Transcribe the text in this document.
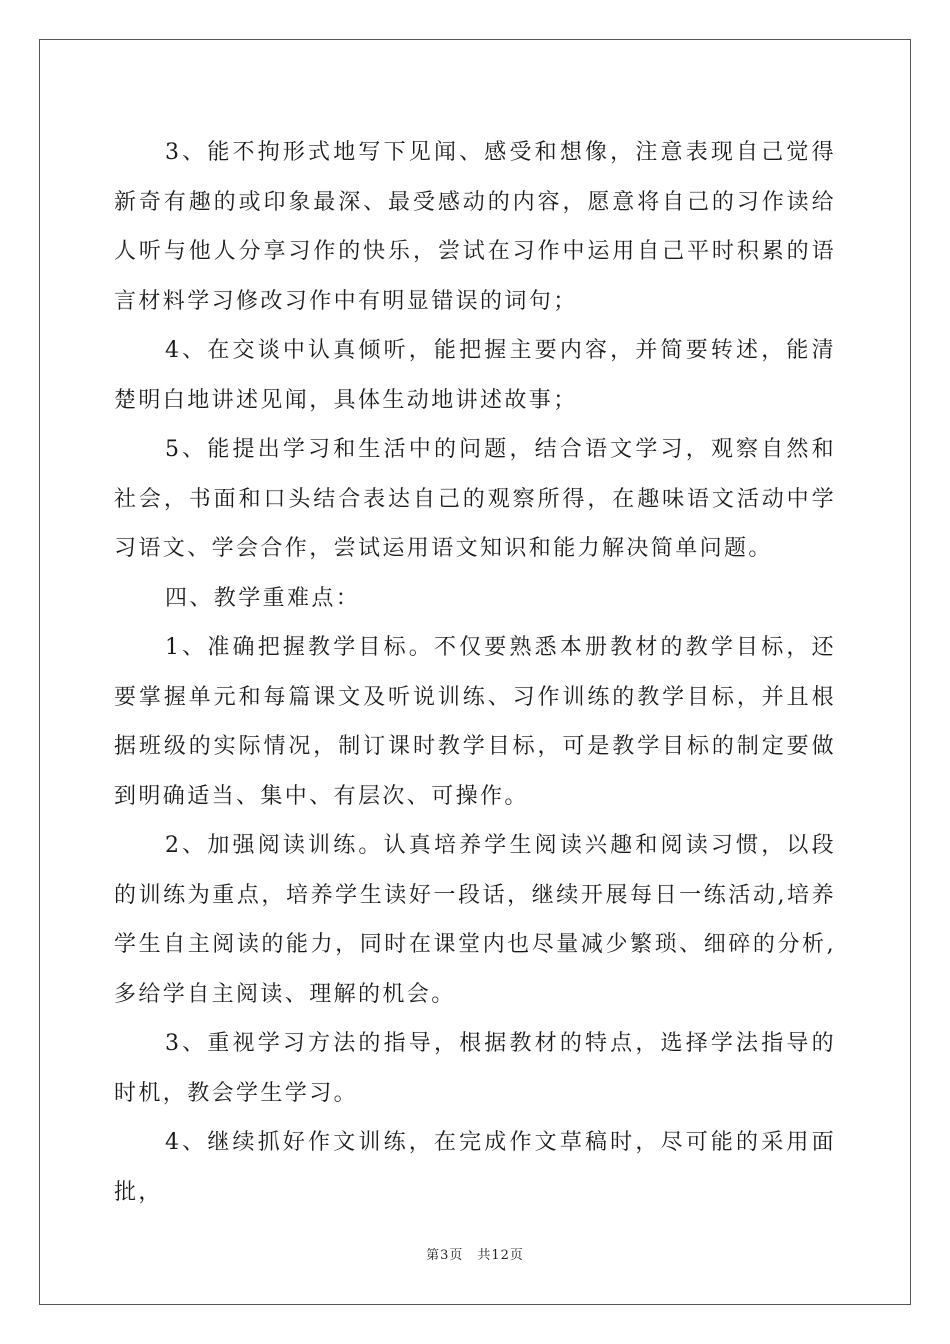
3、能不拘形式地写下见闻、感受和想像，注意表现自己觉得新奇有趣的或印象最深、最受感动的内容，愿意将自己的习作读给人听与他人分享习作的快乐，尝试在习作中运用自己平时积累的语言材料学习修改习作中有明显错误的词句；

4、在交谈中认真倾听，能把握主要内容，并简要转述，能清楚明白地讲述见闻，具体生动地讲述故事；

5、能提出学习和生活中的问题，结合语文学习，观察自然和社会，书面和口头结合表达自己的观察所得，在趣味语文活动中学习语文、学会合作，尝试运用语文知识和能力解决简单问题。

四、教学重难点：

1、准确把握教学目标。不仅要熟悉本册教材的教学目标，还要掌握单元和每篇课文及听说训练、习作训练的教学目标，并且根据班级的实际情况，制订课时教学目标，可是教学目标的制定要做到明确适当、集中、有层次、可操作。

2、加强阅读训练。认真培养学生阅读兴趣和阅读习惯，以段的训练为重点，培养学生读好一段话，继续开展每日一练活动,培养学生自主阅读的能力，同时在课堂内也尽量减少繁琐、细碎的分析,多给学自主阅读、理解的机会。

3、重视学习方法的指导，根据教材的特点，选择学法指导的时机，教会学生学习。

4、继续抓好作文训练，在完成作文草稿时，尽可能的采用面批，

第3页 共12页
